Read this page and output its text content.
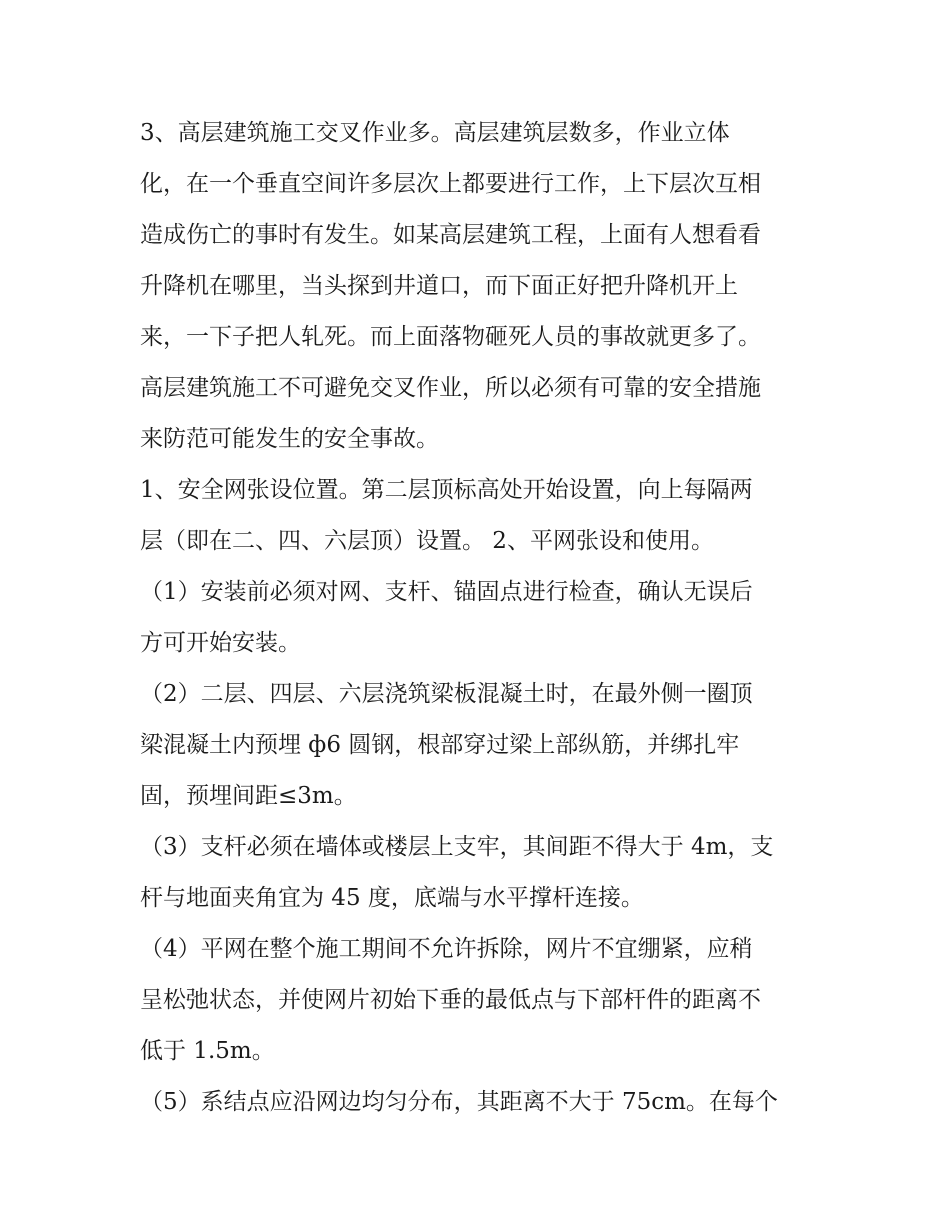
3、高层建筑施工交叉作业多。高层建筑层数多，作业立体
化，在一个垂直空间许多层次上都要进行工作，上下层次互相
造成伤亡的事时有发生。如某高层建筑工程，上面有人想看看
升降机在哪里，当头探到井道口，而下面正好把升降机开上
来，一下子把人轧死。而上面落物砸死人员的事故就更多了。
高层建筑施工不可避免交叉作业，所以必须有可靠的安全措施
来防范可能发生的安全事故。
1、安全网张设位置。第二层顶标高处开始设置，向上每隔两
层（即在二、四、六层顶）设置。 2、平网张设和使用。
（1）安装前必须对网、支杆、锚固点进行检查，确认无误后
方可开始安装。
（2）二层、四层、六层浇筑梁板混凝土时，在最外侧一圈顶
梁混凝土内预埋 ф6 圆钢，根部穿过梁上部纵筋，并绑扎牢
固，预埋间距≤3m。
（3）支杆必须在墙体或楼层上支牢，其间距不得大于 4m，支
杆与地面夹角宜为 45 度，底端与水平撑杆连接。
（4）平网在整个施工期间不允许拆除，网片不宜绷紧，应稍
呈松弛状态，并使网片初始下垂的最低点与下部杆件的距离不
低于 1.5m。
（5）系结点应沿网边均匀分布，其距离不大于 75cm。在每个
